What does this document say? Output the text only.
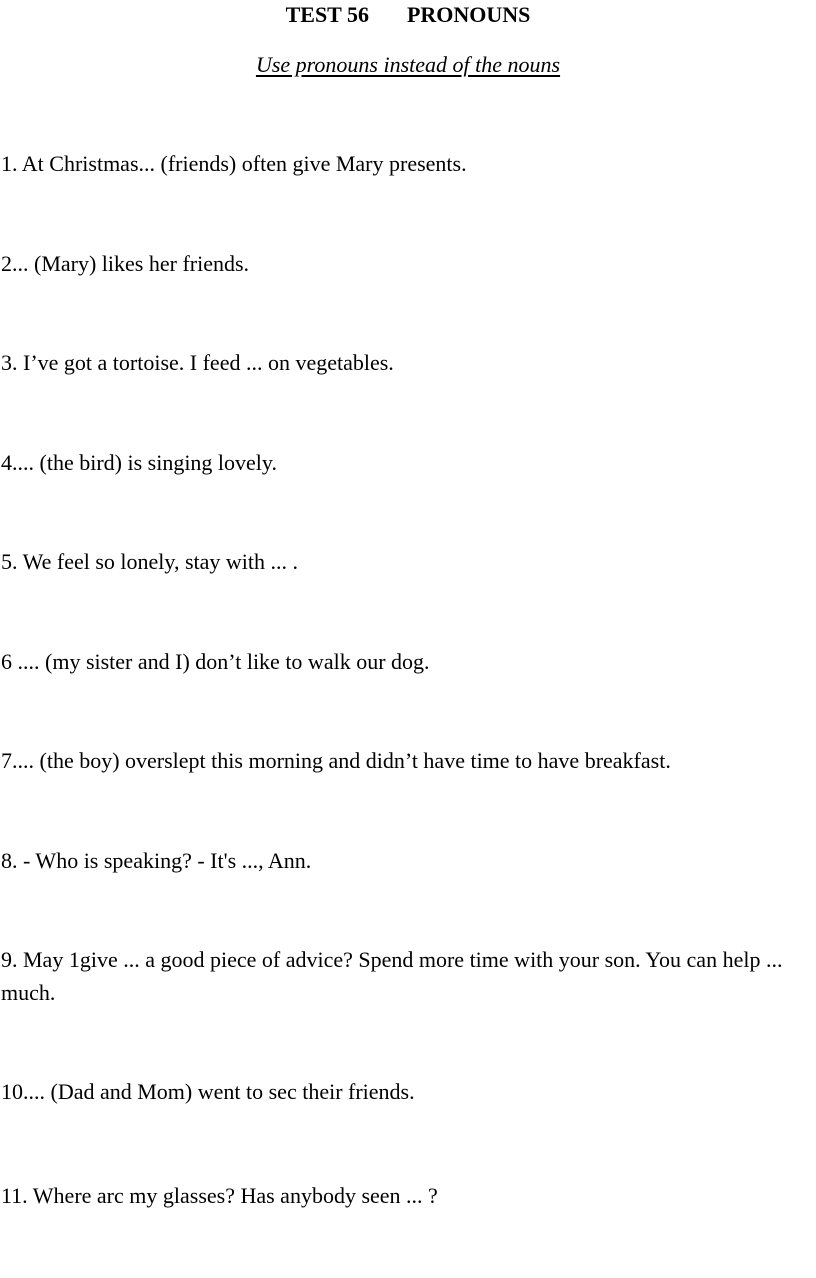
TEST 56 PRONOUNS
Use pronouns instead of the nouns

1. At Christmas... (friends) often give Mary presents.

2... (Mary) likes her friends.

3. I’ve got a tortoise. I feed ... on vegetables.

4.... (the bird) is singing lovely.

5. We feel so lonely, stay with ... .

6 .... (my sister and I) don’t like to walk our dog.

7.... (the boy) overslept this morning and didn’t have time to have breakfast.

8. - Who is speaking? - It's ..., Ann.

9. May 1give ... a good piece of advice? Spend more time with your son. You can help ... much.

10.... (Dad and Mom) went to sec their friends.

11. Where arc my glasses? Has anybody seen ... ?
